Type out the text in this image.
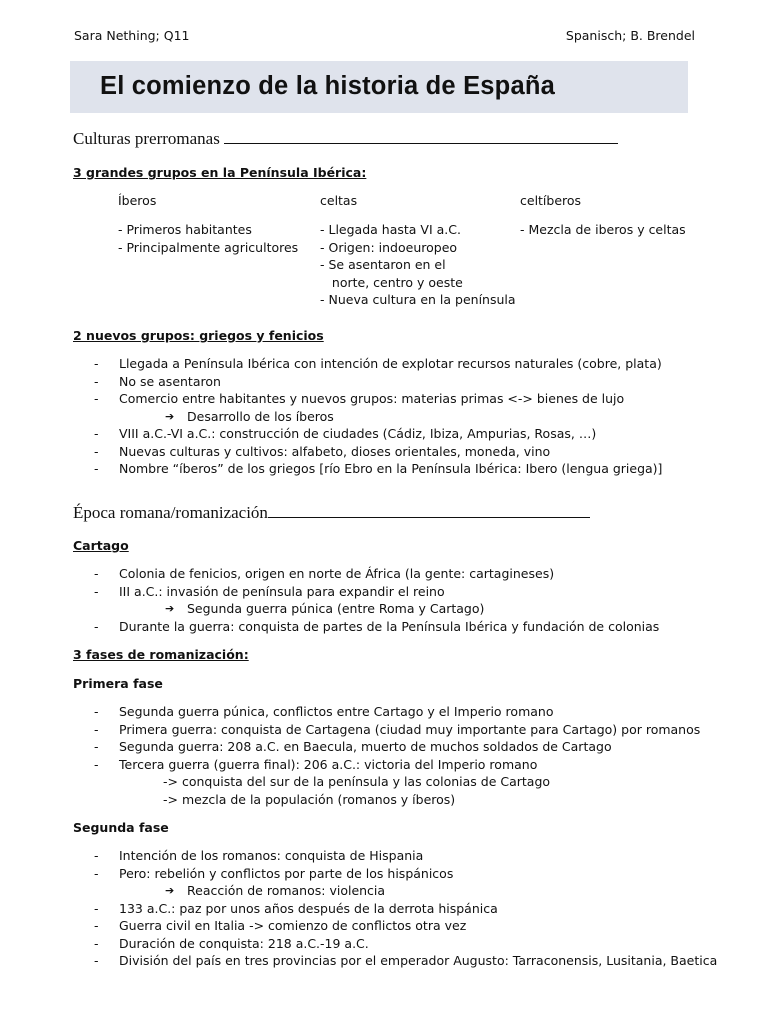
Sara Nething; Q11	Spanisch; B. Brendel
El comienzo de la historia de España
Culturas prerromanas
3 grandes grupos en la Península Ibérica:
Íberos
- Primeros habitantes
- Principalmente agricultores
celtas
- Llegada hasta VI a.C.
- Origen: indoeuropeo
- Se asentaron en el
norte, centro y oeste
- Nueva cultura en la península
celtíberos
- Mezcla de iberos y celtas
2 nuevos grupos: griegos y fenicios
- Llegada a Península Ibérica con intención de explotar recursos naturales (cobre, plata)
- No se asentaron
- Comercio entre habitantes y nuevos grupos: materias primas <-> bienes de lujo
➔ Desarrollo de los íberos
- VIII a.C.-VI a.C.: construcción de ciudades (Cádiz, Ibiza, Ampurias, Rosas, …)
- Nuevas culturas y cultivos: alfabeto, dioses orientales, moneda, vino
- Nombre “íberos” de los griegos [río Ebro en la Península Ibérica: Ibero (lengua griega)]
Época romana/romanización
Cartago
- Colonia de fenicios, origen en norte de África (la gente: cartagineses)
- III a.C.: invasión de península para expandir el reino
➔ Segunda guerra púnica (entre Roma y Cartago)
- Durante la guerra: conquista de partes de la Península Ibérica y fundación de colonias
3 fases de romanización:
Primera fase
- Segunda guerra púnica, conflictos entre Cartago y el Imperio romano
- Primera guerra: conquista de Cartagena (ciudad muy importante para Cartago) por romanos
- Segunda guerra: 208 a.C. en Baecula, muerto de muchos soldados de Cartago
- Tercera guerra (guerra final): 206 a.C.: victoria del Imperio romano
-> conquista del sur de la península y las colonias de Cartago
-> mezcla de la populación (romanos y íberos)
Segunda fase
- Intención de los romanos: conquista de Hispania
- Pero: rebelión y conflictos por parte de los hispánicos
➔ Reacción de romanos: violencia
- 133 a.C.: paz por unos años después de la derrota hispánica
- Guerra civil en Italia -> comienzo de conflictos otra vez
- Duración de conquista: 218 a.C.-19 a.C.
- División del país en tres provincias por el emperador Augusto: Tarraconensis, Lusitania, Baetica
